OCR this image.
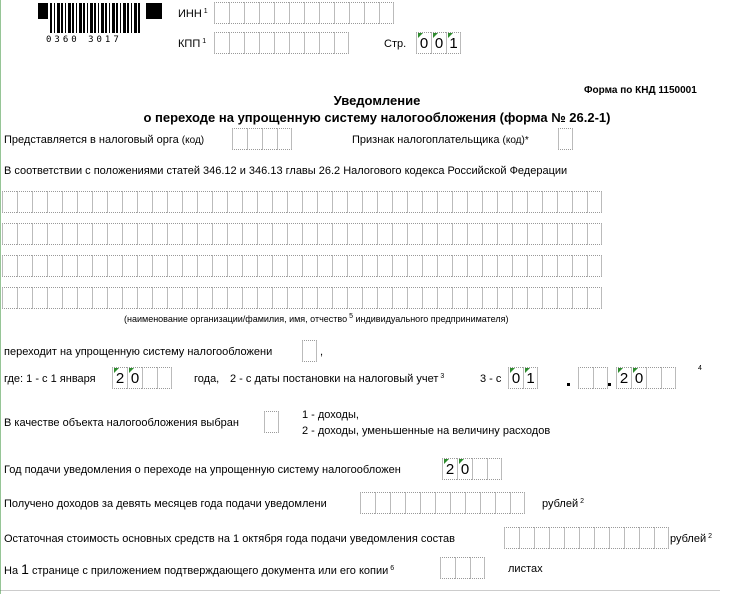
0360 3017
ИНН $^1$
КПП $^1$	Стр. 0 0 1
Форма по КНД 1150001
Уведомление
о переходе на упрощенную систему налогообложения (форма № 26.2-1)
Представляется в налоговый орга (код)	Признак налогоплательщика (код)*
В соответствии с положениями статей 346.12 и 346.13 главы 26.2 Налогового кодекса Российской Федерации
(наименование организации/фамилия, имя, отчество $^5$ индивидуального предпринимателя)
переходит на упрощенную систему налогообложени	,
где: 1 - с 1 января 2 0	года, 2 - с даты постановки на налоговый учет $^3$	3 - с 0 1	2 0
4
В качестве объекта налогообложения выбран
1 - доходы,
2 - доходы, уменьшенные на величину расходов
Год подачи уведомления о переходе на упрощенную систему налогообложен	2 0
Получено доходов за девять месяцев года подачи уведомлени	рублей $^2$
Остаточная стоимость основных средств на 1 октября года подачи уведомления состав	рублей $^2$
На 1 странице с приложением подтверждающего документа или его копии $^6$	листах
